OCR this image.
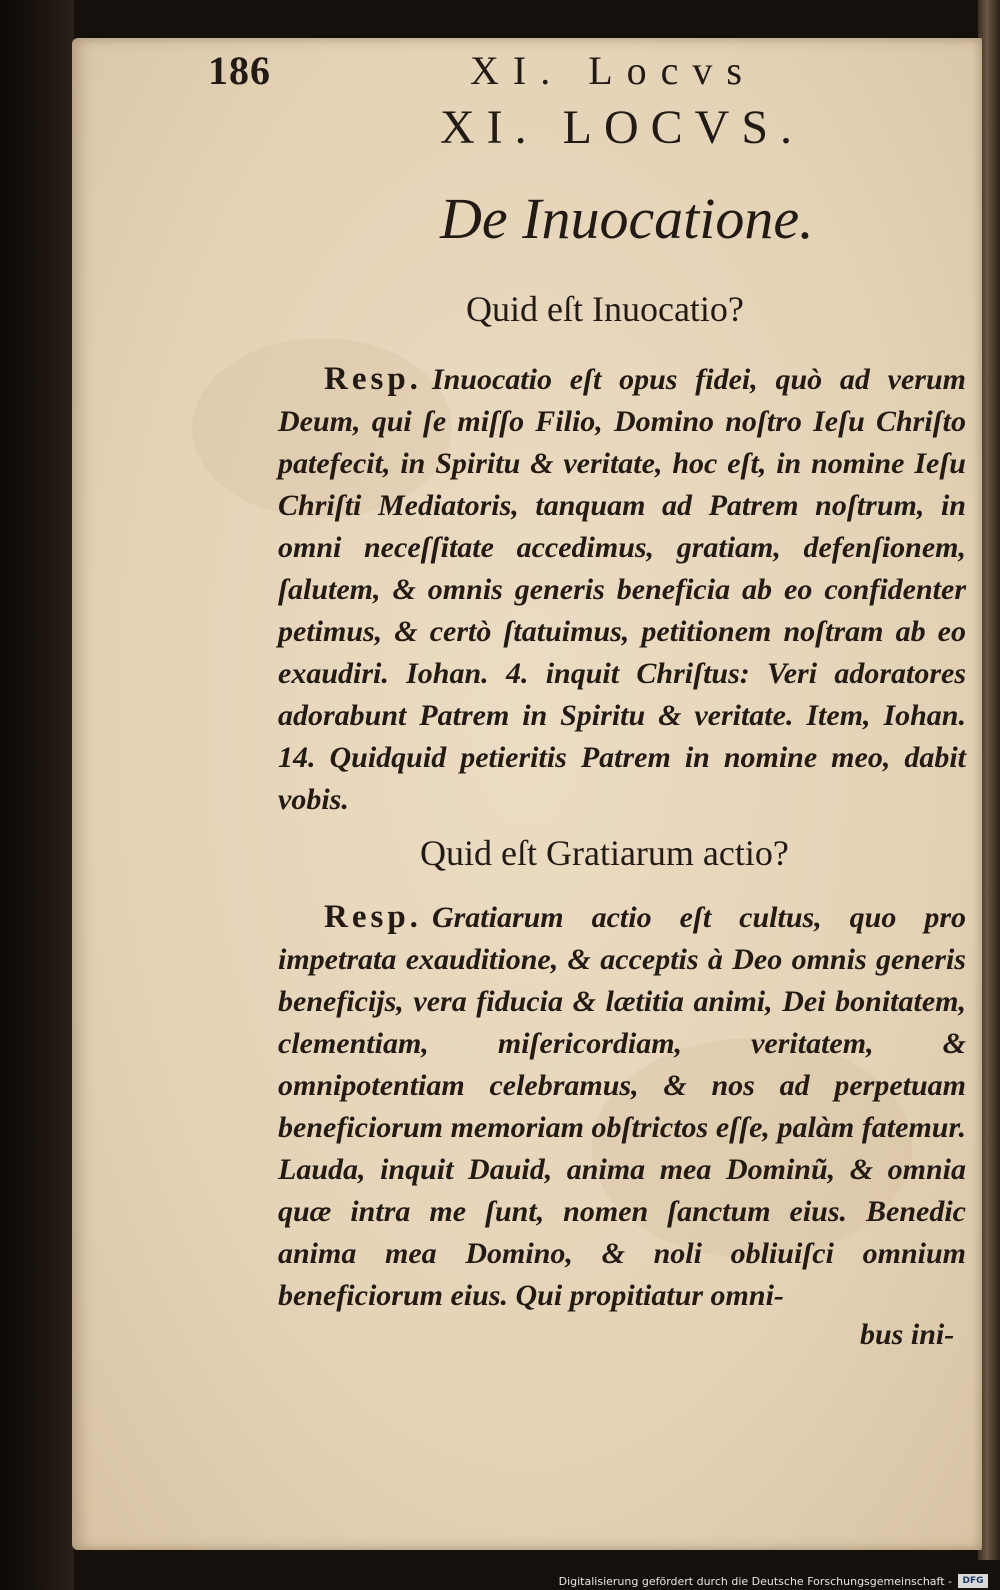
186	XI. Locvs
XI. LOCVS.
De Inuocatione.
Quid eſt Inuocatio?
Resp. Inuocatio eſt opus fidei, quò ad verum Deum, qui ſe miſſo Filio, Domino noſtro Ieſu Chriſto patefecit, in Spiritu & veritate, hoc eſt, in nomine Ieſu Chriſti Mediatoris, tanquam ad Patrem noſtrum, in omni neceſſitate accedimus, gratiam, defenſionem, ſalutem, & omnis generis beneficia ab eo confidenter petimus, & certò ſtatuimus, petitionem noſtram ab eo exaudiri. Iohan. 4. inquit Chriſtus: Veri adoratores adorabunt Patrem in Spiritu & veritate. Item, Iohan. 14. Quidquid petieritis Patrem in nomine meo, dabit vobis.
Quid eſt Gratiarum actio?
Resp. Gratiarum actio eſt cultus, quo pro impetrata exauditione, & acceptis à Deo omnis generis beneficijs, vera fiducia & lætitia animi, Dei bonitatem, clementiam, miſericordiam, veritatem, & omnipotentiam celebramus, & nos ad perpetuam beneficiorum memoriam obſtrictos eſſe, palàm fatemur. Lauda, inquit Dauid, anima mea Dominũ, & omnia quæ intra me ſunt, nomen ſanctum eius. Benedic anima mea Domino, & noli obliuiſci omnium beneficiorum eius. Qui propitiatur omni-
bus ini-
Digitalisierung gefördert durch die Deutsche Forschungsgemeinschaft -	DFG
